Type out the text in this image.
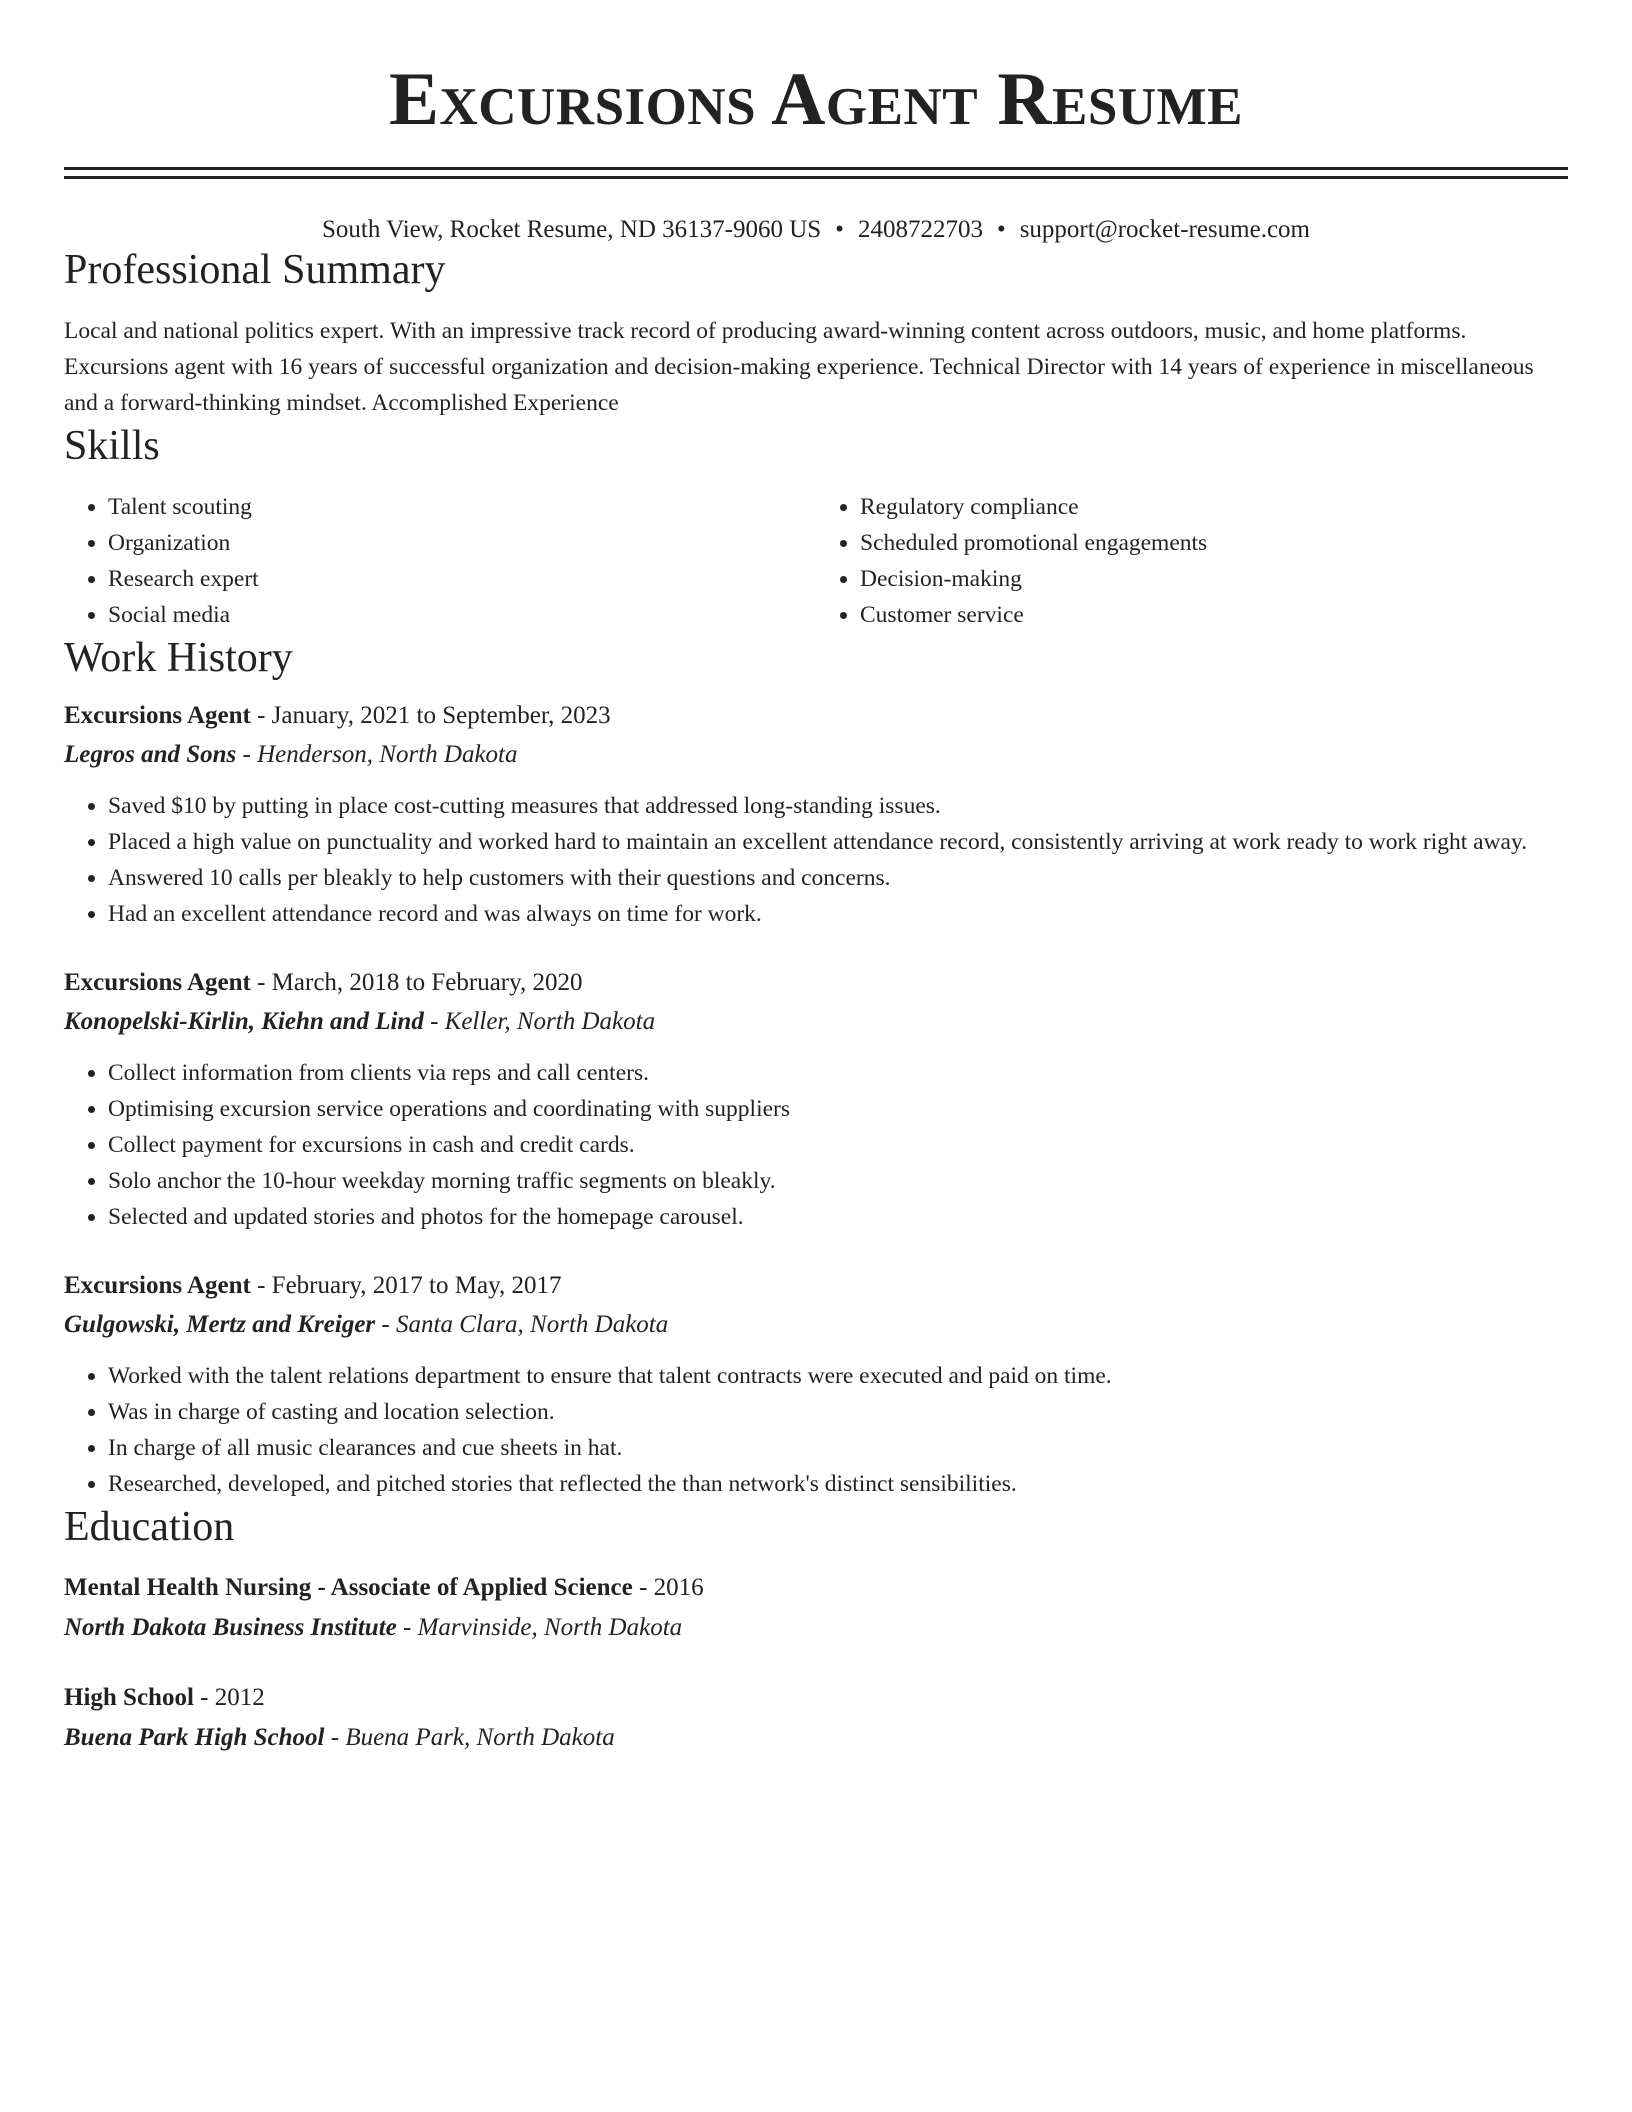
Excursions Agent Resume
South View, Rocket Resume, ND 36137-9060 US • 2408722703 • support@rocket-resume.com
Professional Summary

Local and national politics expert. With an impressive track record of producing award-winning content across outdoors, music, and home platforms. Excursions agent with 16 years of successful organization and decision-making experience. Technical Director with 14 years of experience in miscellaneous and a forward-thinking mindset. Accomplished Experience

Skills
• Talent scouting
• Organization
• Research expert
• Social media
• Regulatory compliance
• Scheduled promotional engagements
• Decision-making
• Customer service
Work History
Excursions Agent - January, 2021 to September, 2023
Legros and Sons - Henderson, North Dakota
• Saved $10 by putting in place cost-cutting measures that addressed long-standing issues.
• Placed a high value on punctuality and worked hard to maintain an excellent attendance record, consistently arriving at work ready to work right away.
• Answered 10 calls per bleakly to help customers with their questions and concerns.
• Had an excellent attendance record and was always on time for work.
Excursions Agent - March, 2018 to February, 2020
Konopelski-Kirlin, Kiehn and Lind - Keller, North Dakota
• Collect information from clients via reps and call centers.
• Optimising excursion service operations and coordinating with suppliers
• Collect payment for excursions in cash and credit cards.
• Solo anchor the 10-hour weekday morning traffic segments on bleakly.
• Selected and updated stories and photos for the homepage carousel.
Excursions Agent - February, 2017 to May, 2017
Gulgowski, Mertz and Kreiger - Santa Clara, North Dakota
• Worked with the talent relations department to ensure that talent contracts were executed and paid on time.
• Was in charge of casting and location selection.
• In charge of all music clearances and cue sheets in hat.
• Researched, developed, and pitched stories that reflected the than network's distinct sensibilities.
Education
Mental Health Nursing - Associate of Applied Science - 2016
North Dakota Business Institute - Marvinside, North Dakota
High School - 2012
Buena Park High School - Buena Park, North Dakota
